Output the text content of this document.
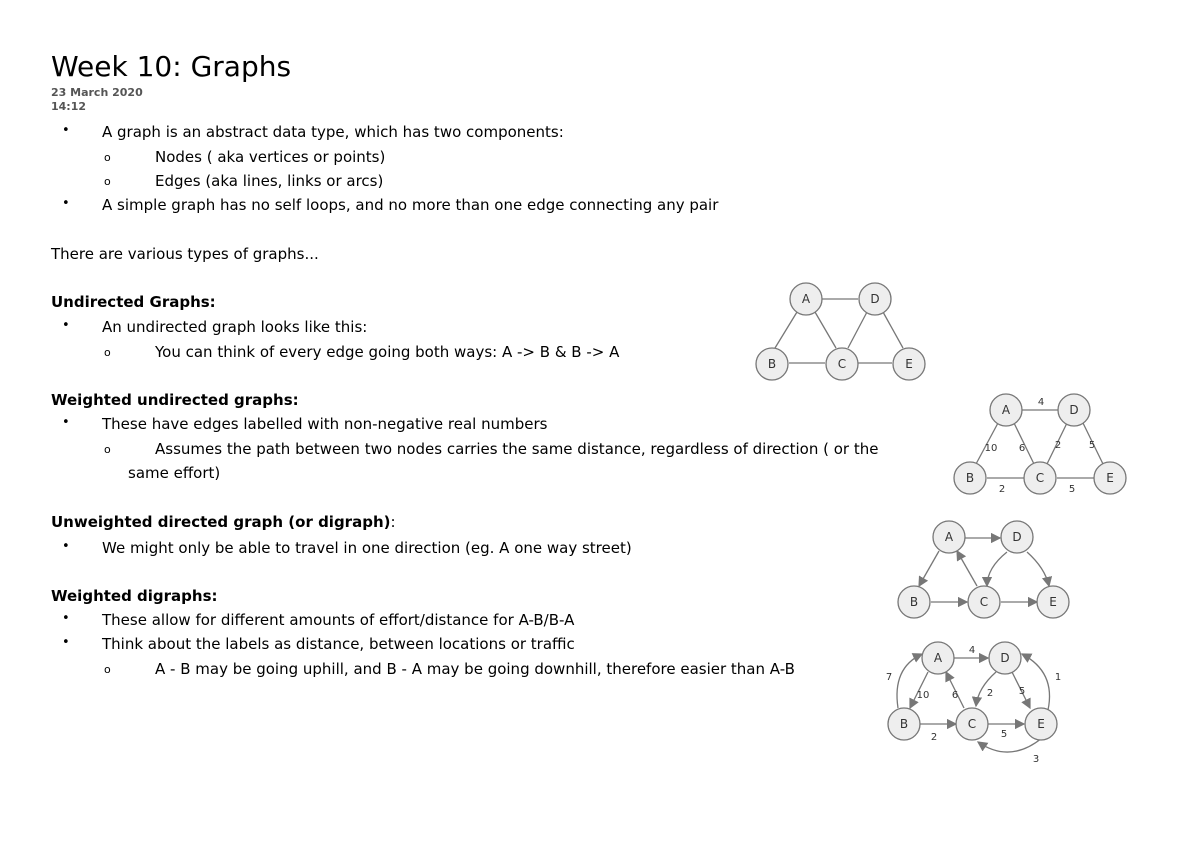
Week 10: Graphs
23 March 2020
14:12
• A graph is an abstract data type, which has two components:
o	Nodes ( aka vertices or points)
o	Edges (aka lines, links or arcs)
• A simple graph has no self loops, and no more than one edge connecting any pair
There are various types of graphs...
Undirected Graphs:
• An undirected graph looks like this:
o	You can think of every edge going both ways: A -> B & B -> A
Weighted undirected graphs:
• These have edges labelled with non-negative real numbers
o	Assumes the path between two nodes carries the same distance, regardless of direction ( or the
same effort)
Unweighted directed graph (or digraph):
• We might only be able to travel in one direction (eg. A one way street)
Weighted digraphs:
• These allow for different amounts of effort/distance for A-B/B-A
• Think about the labels as distance, between locations or traffic
o	A - B may be going uphill, and B - A may be going downhill, therefore easier than A-B
A	D
B	C	E
4
10 6	2	5
2	5
A	D
B	C	E
A	D
B	C	E
4
7
10 6	2	5
1
2	5
3
A	D
B	C	E
